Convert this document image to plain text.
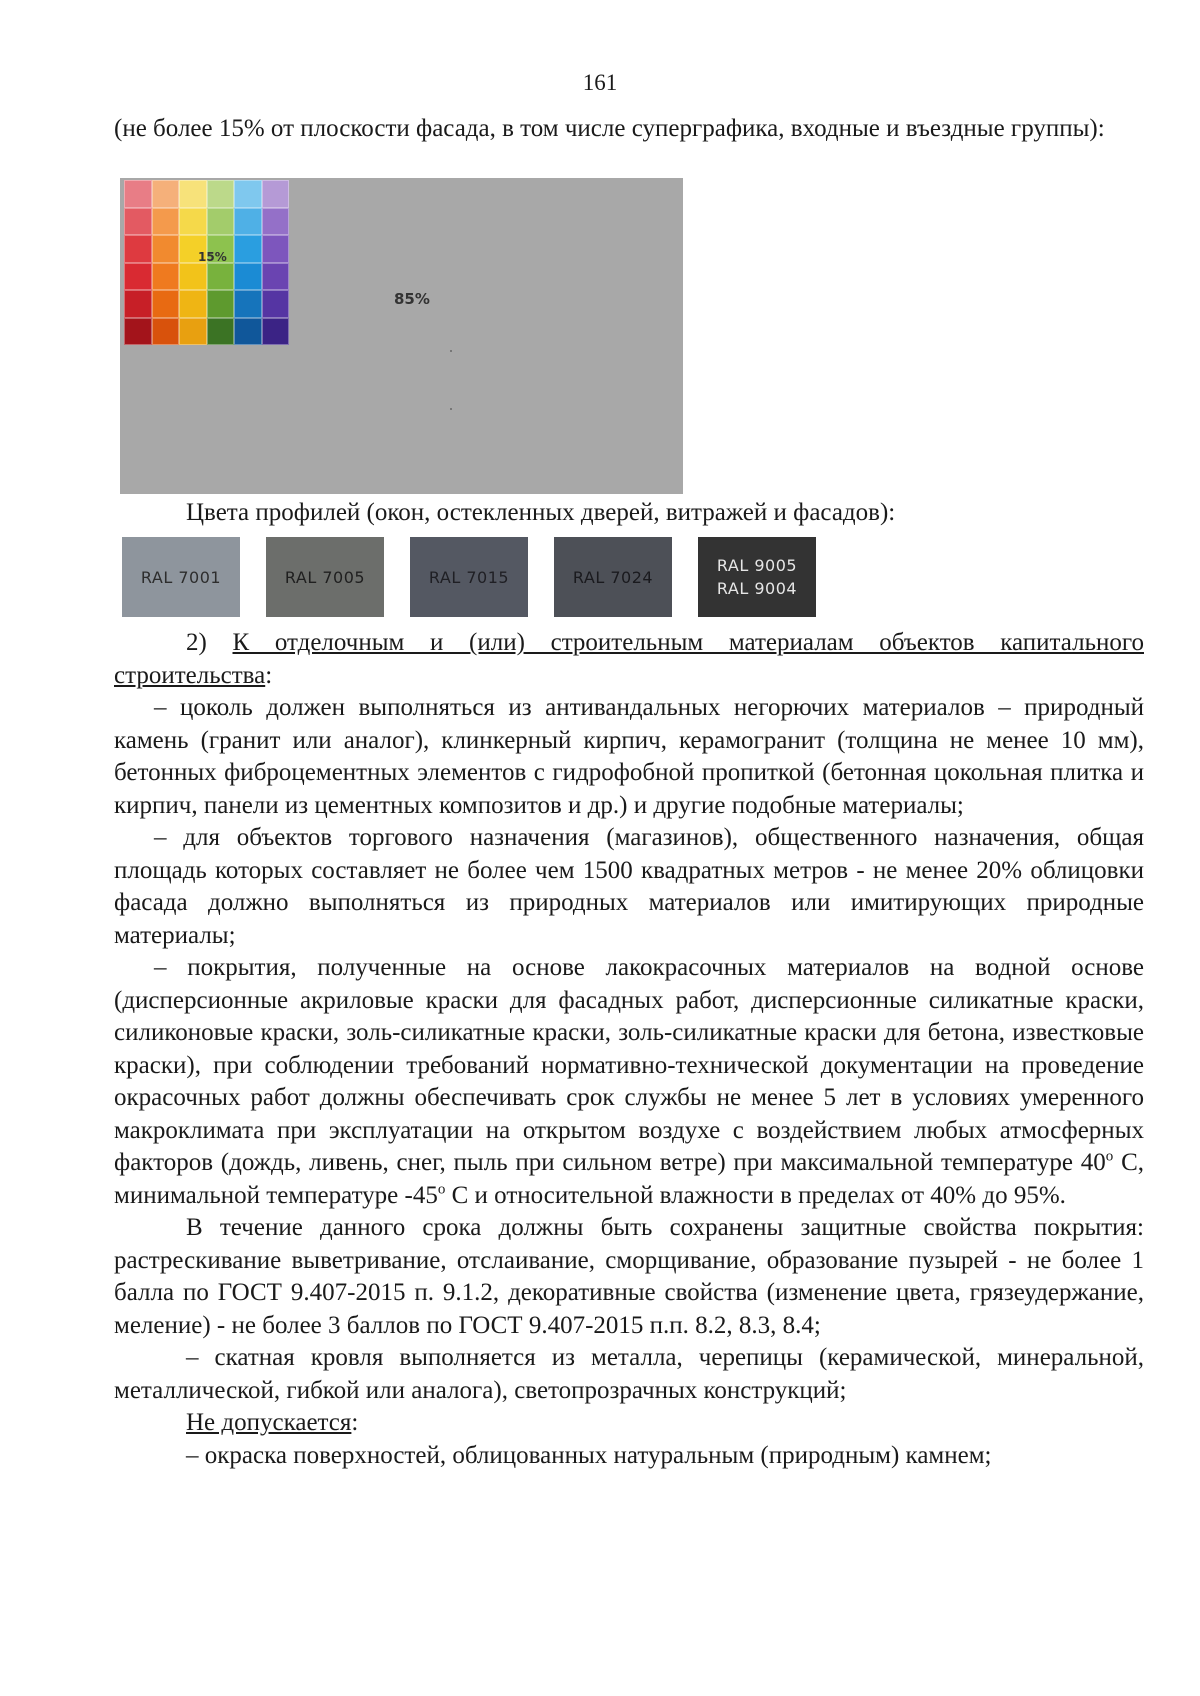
161

(не более 15% от плоскости фасада, в том числе суперграфика, входные и въездные группы):

15%
85%

Цвета профилей (окон, остекленных дверей, витражей и фасадов):

RAL 7001	RAL 7005	RAL 7015	RAL 7024
RAL 9005
RAL 9004

2) К отделочным и (или) строительным материалам объектов капитального строительства:

– цоколь должен выполняться из антивандальных негорючих материалов – природный камень (гранит или аналог), клинкерный кирпич, керамогранит (толщина не менее 10 мм), бетонных фиброцементных элементов с гидрофобной пропиткой (бетонная цокольная плитка и кирпич, панели из цементных композитов и др.) и другие подобные материалы;

– для объектов торгового назначения (магазинов), общественного назначения, общая площадь которых составляет не более чем 1500 квадратных метров - не менее 20% облицовки фасада должно выполняться из природных материалов или имитирующих природные материалы;

– покрытия, полученные на основе лакокрасочных материалов на водной основе (дисперсионные акриловые краски для фасадных работ, дисперсионные силикатные краски, силиконовые краски, золь-силикатные краски, золь-силикатные краски для бетона, известковые краски), при соблюдении требований нормативно-технической документации на проведение окрасочных работ должны обеспечивать срок службы не менее 5 лет в условиях умеренного макроклимата при эксплуатации на открытом воздухе с воздействием любых атмосферных факторов (дождь, ливень, снег, пыль при сильном ветре) при максимальной температуре 40$^o$ С, минимальной температуре -45$^o$ С и относительной влажности в пределах от 40% до 95%.

В течение данного срока должны быть сохранены защитные свойства покрытия: растрескивание выветривание, отслаивание, сморщивание, образование пузырей - не более 1 балла по ГОСТ 9.407-2015 п. 9.1.2, декоративные свойства (изменение цвета, грязеудержание, меление) - не более 3 баллов по ГОСТ 9.407-2015 п.п. 8.2, 8.3, 8.4;

– скатная кровля выполняется из металла, черепицы (керамической, минеральной, металлической, гибкой или аналога), светопрозрачных конструкций;

Не допускается:

– окраска поверхностей, облицованных натуральным (природным) камнем;
